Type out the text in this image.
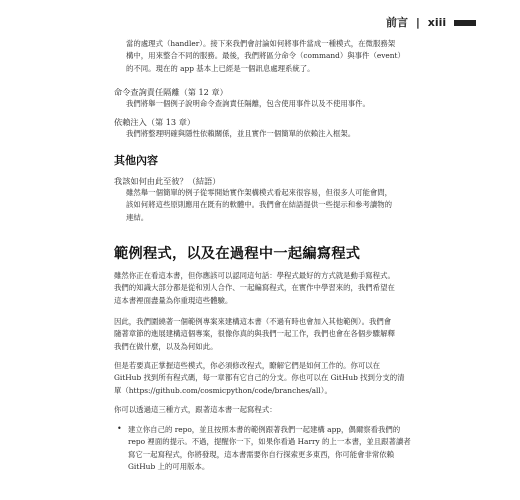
前言 | xiii

當的處理式（handler）。接下來我們會討論如何將事件當成一種模式，在微服務架

構中，用來整合不同的服務。最後，我們將區分命令（command）與事件（event）

的不同。現在的 app 基本上已經是一個訊息處理系統了。

命令查詢責任隔離（第 12 章）

我們將舉一個例子說明命令查詢責任隔離，包含使用事件以及不使用事件。

依賴注入（第 13 章）

我們將整理明確與隱性依賴關係，並且實作一個簡單的依賴注入框架。

其他內容

我該如何由此至彼？（結語）

雖然舉一個簡單的例子從零開始實作架構模式看起來很容易，但很多人可能會問，

該如何將這些原則應用在既有的軟體中。我們會在結語提供一些提示和參考讀物的

連結。

範例程式，以及在過程中一起編寫程式

雖然你正在看這本書，但你應該可以認同這句話：學程式最好的方式就是動手寫程式。

我們的知識大部分都是從和別人合作、一起編寫程式，在實作中學習來的，我們希望在

這本書裡面盡量為你重現這些體驗。

因此，我們圍繞著一個範例專案來建構這本書（不過有時也會加入其他範例）。我們會

隨著章節的進展建構這個專案，很像你真的與我們一起工作，我們也會在各個步驟解釋

我們在做什麼，以及為何如此。

但是若要真正掌握這些模式，你必須修改程式，瞭解它們是如何工作的。你可以在

GitHub 找到所有程式碼，每一章都有它自己的分支。你也可以在 GitHub 找到分支的清

單（https://github.com/cosmicpython/code/branches/all）。

你可以透過這三種方式，跟著這本書一起寫程式：

• 建立你自己的 repo，並且按照本書的範例跟著我們一起建構 app，偶爾察看我們的

repo 裡面的提示。不過，提醒你一下，如果你看過 Harry 的上一本書，並且跟著讀者

寫它一起寫程式，你將發現，這本書需要你自行探索更多東西，你可能會非常依賴

GitHub 上的可用版本。
